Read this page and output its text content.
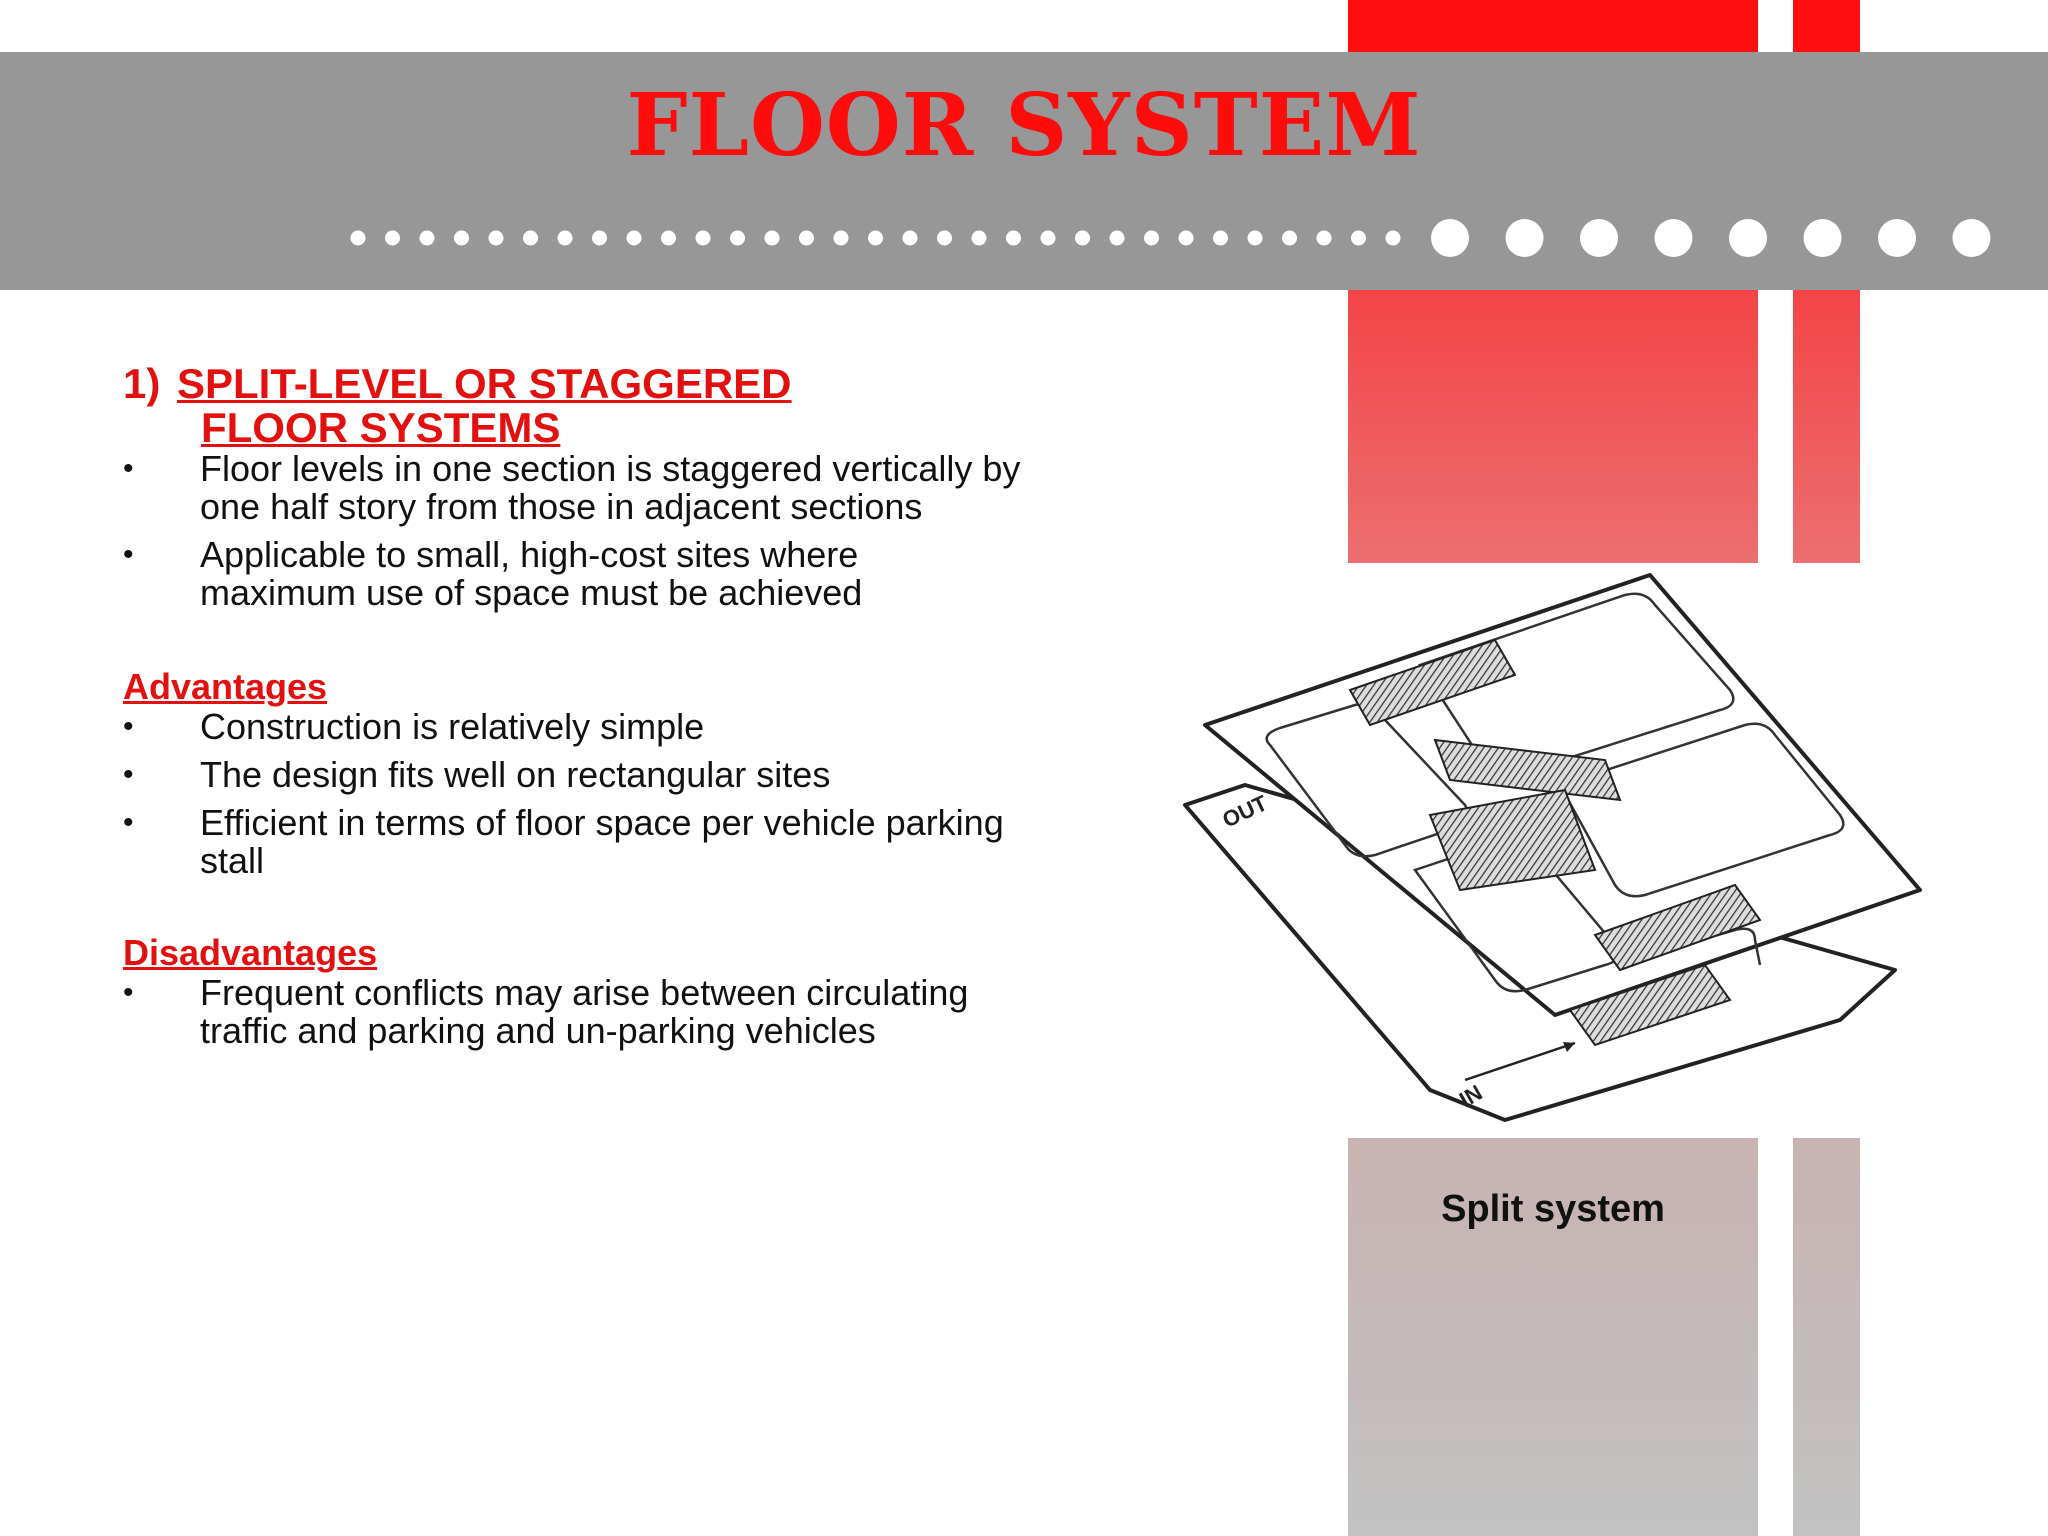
FLOOR SYSTEM
1) SPLIT-LEVEL OR STAGGERED
FLOOR SYSTEMS
• Floor levels in one section is staggered vertically by one half story from those in adjacent sections
• Applicable to small, high-cost sites where maximum use of space must be achieved

Advantages

• Construction is relatively simple
• The design fits well on rectangular sites
• Efficient in terms of floor space per vehicle parking stall

Disadvantages

• Frequent conflicts may arise between circulating traffic and parking and un-parking vehicles
OUT
IN
Split system
